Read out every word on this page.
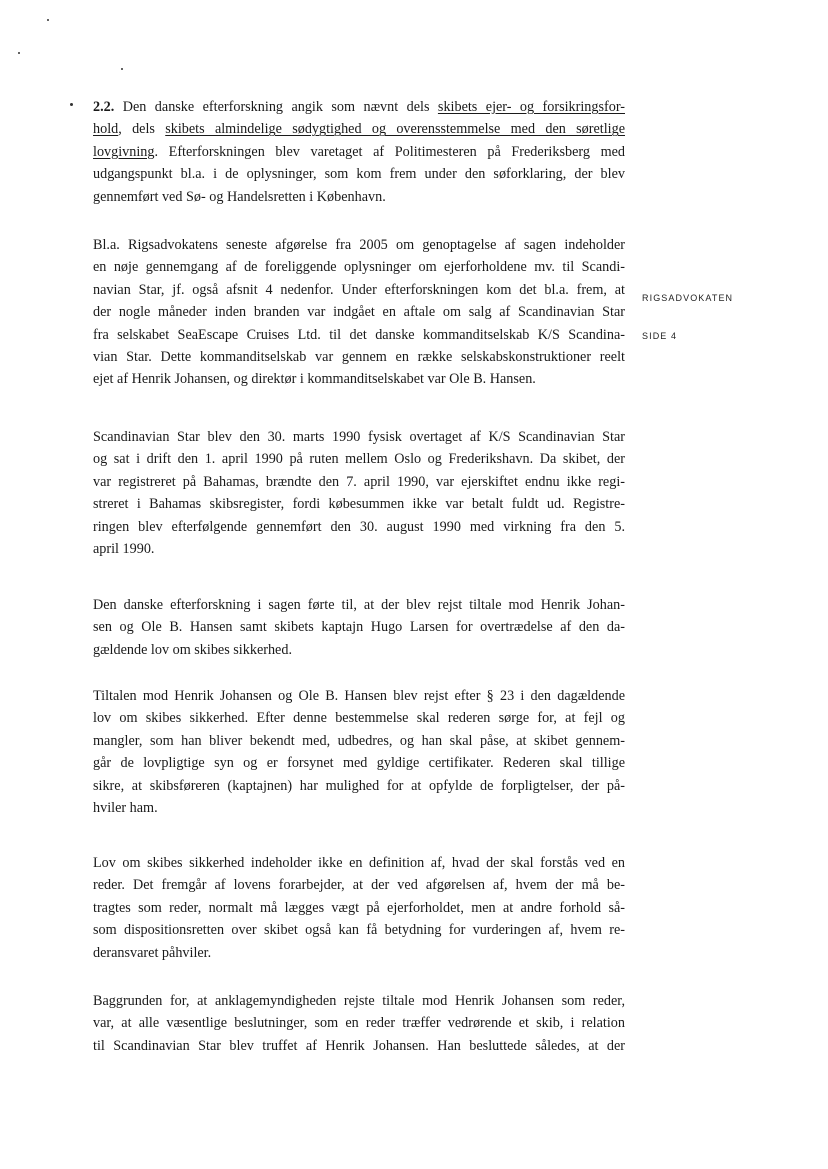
RIGSADVOKATEN
SIDE 4
2.2. Den danske efterforskning angik som nævnt dels skibets ejer- og forsikringsfor-
hold, dels skibets almindelige sødygtighed og overensstemmelse med den søretlige
lovgivning. Efterforskningen blev varetaget af Politimesteren på Frederiksberg med
udgangspunkt bl.a. i de oplysninger, som kom frem under den søforklaring, der blev
gennemført ved Sø- og Handelsretten i København.
Bl.a. Rigsadvokatens seneste afgørelse fra 2005 om genoptagelse af sagen indeholder
en nøje gennemgang af de foreliggende oplysninger om ejerforholdene mv. til Scandi-
navian Star, jf. også afsnit 4 nedenfor. Under efterforskningen kom det bl.a. frem, at
der nogle måneder inden branden var indgået en aftale om salg af Scandinavian Star
fra selskabet SeaEscape Cruises Ltd. til det danske kommanditselskab K/S Scandina-
vian Star. Dette kommanditselskab var gennem en række selskabskonstruktioner reelt
ejet af Henrik Johansen, og direktør i kommanditselskabet var Ole B. Hansen.
Scandinavian Star blev den 30. marts 1990 fysisk overtaget af K/S Scandinavian Star
og sat i drift den 1. april 1990 på ruten mellem Oslo og Frederikshavn. Da skibet, der
var registreret på Bahamas, brændte den 7. april 1990, var ejerskiftet endnu ikke regi-
streret i Bahamas skibsregister, fordi købesummen ikke var betalt fuldt ud. Registre-
ringen blev efterfølgende gennemført den 30. august 1990 med virkning fra den 5.
april 1990.
Den danske efterforskning i sagen førte til, at der blev rejst tiltale mod Henrik Johan-
sen og Ole B. Hansen samt skibets kaptajn Hugo Larsen for overtrædelse af den da-
gældende lov om skibes sikkerhed.
Tiltalen mod Henrik Johansen og Ole B. Hansen blev rejst efter § 23 i den dagældende
lov om skibes sikkerhed. Efter denne bestemmelse skal rederen sørge for, at fejl og
mangler, som han bliver bekendt med, udbedres, og han skal påse, at skibet gennem-
går de lovpligtige syn og er forsynet med gyldige certifikater. Rederen skal tillige
sikre, at skibsføreren (kaptajnen) har mulighed for at opfylde de forpligtelser, der på-
hviler ham.
Lov om skibes sikkerhed indeholder ikke en definition af, hvad der skal forstås ved en
reder. Det fremgår af lovens forarbejder, at der ved afgørelsen af, hvem der må be-
tragtes som reder, normalt må lægges vægt på ejerforholdet, men at andre forhold så-
som dispositionsretten over skibet også kan få betydning for vurderingen af, hvem re-
deransvaret påhviler.
Baggrunden for, at anklagemyndigheden rejste tiltale mod Henrik Johansen som reder,
var, at alle væsentlige beslutninger, som en reder træffer vedrørende et skib, i relation
til Scandinavian Star blev truffet af Henrik Johansen. Han besluttede således, at der
